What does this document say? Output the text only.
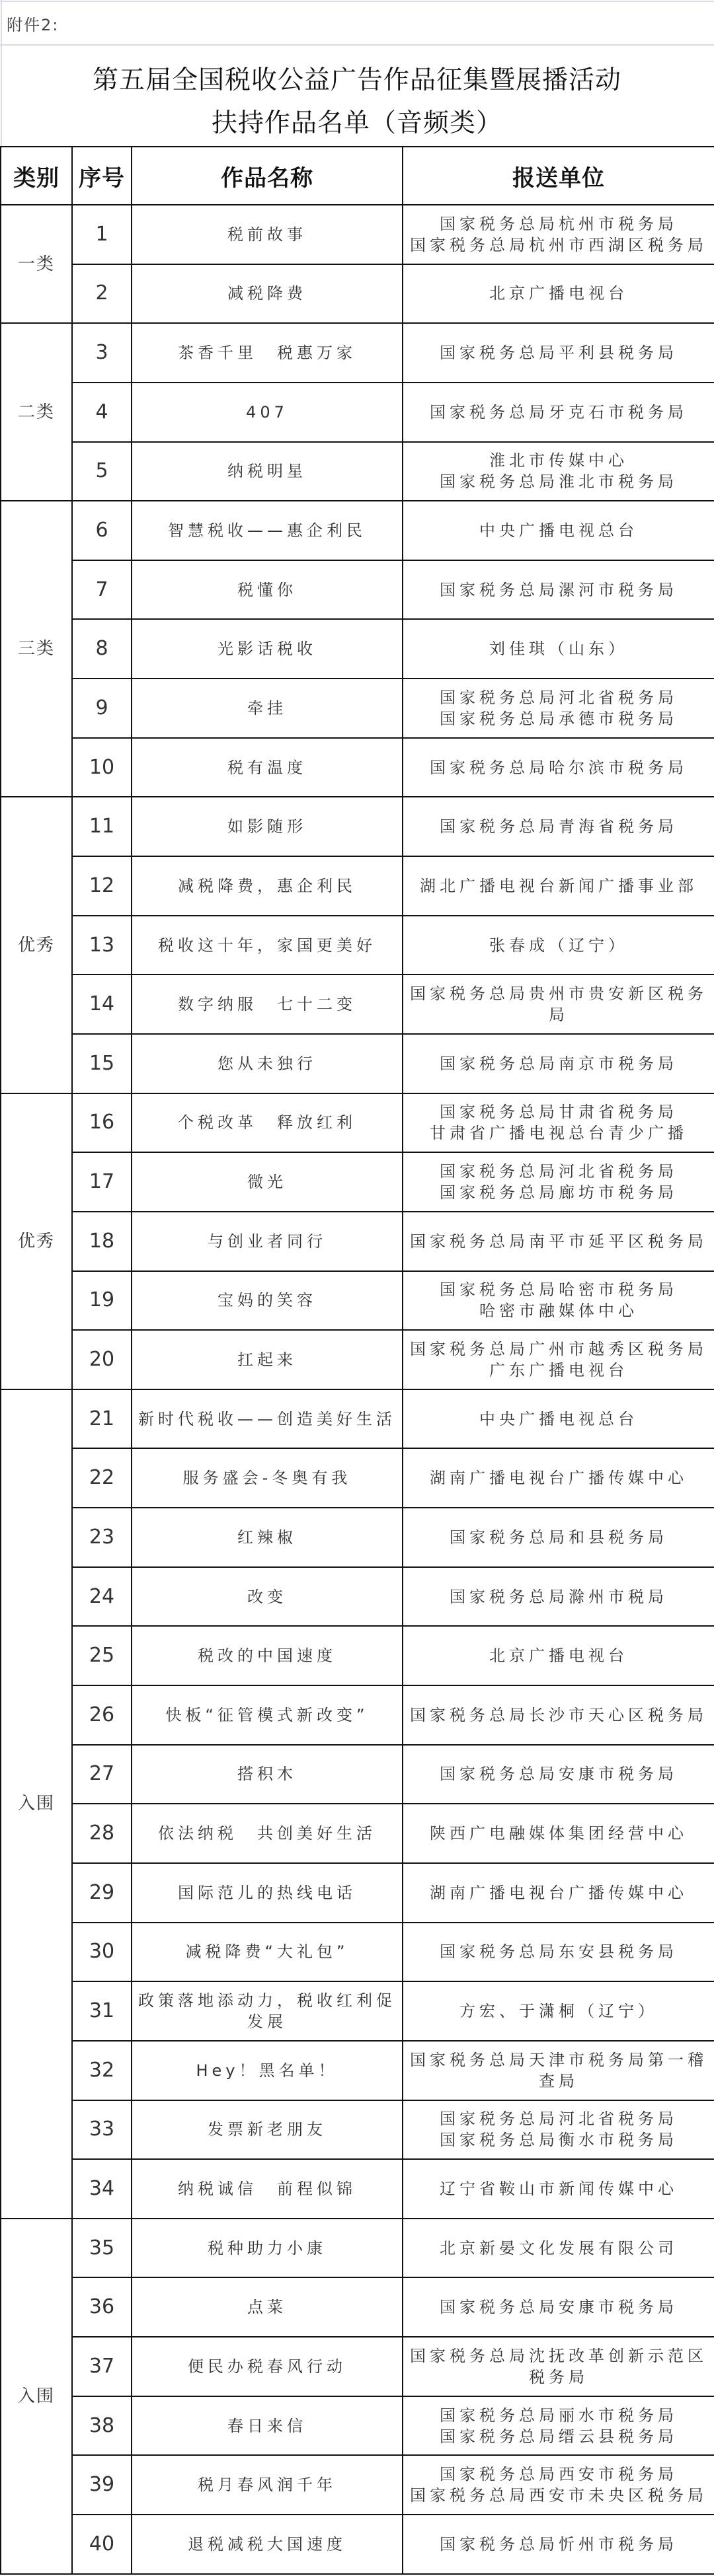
附件2:
第五届全国税收公益广告作品征集暨展播活动
扶持作品名单（音频类）
类别	序号	作品名称	报送单位
一类	1	税前故事	国家税务总局杭州市税务局
国家税务总局杭州市西湖区税务局

	2	减税降费	北京广播电视台

二类	3	茶香千里　税惠万家	国家税务总局平利县税务局

	4	407	国家税务总局牙克石市税务局

	5	纳税明星	淮北市传媒中心
国家税务总局淮北市税务局

三类	6	智慧税收——惠企利民	中央广播电视总台

	7	税懂你	国家税务总局漯河市税务局

	8	光影话税收	刘佳琪（山东）

	9	牵挂	国家税务总局河北省税务局
国家税务总局承德市税务局

	10	税有温度	国家税务总局哈尔滨市税务局

优秀	11	如影随形	国家税务总局青海省税务局

	12	减税降费，惠企利民	湖北广播电视台新闻广播事业部

	13	税收这十年，家国更美好	张春成（辽宁）

	14	数字纳服　七十二变	国家税务总局贵州市贵安新区税务局

	15	您从未独行	国家税务总局南京市税务局

优秀	16	个税改革　释放红利	国家税务总局甘肃省税务局
甘肃省广播电视总台青少广播

	17	微光	国家税务总局河北省税务局
国家税务总局廊坊市税务局

	18	与创业者同行	国家税务总局南平市延平区税务局

	19	宝妈的笑容	国家税务总局哈密市税务局
哈密市融媒体中心

	20	扛起来	国家税务总局广州市越秀区税务局
广东广播电视台

入围	21	新时代税收——创造美好生活	中央广播电视总台

	22	服务盛会-冬奥有我	湖南广播电视台广播传媒中心

	23	红辣椒	国家税务总局和县税务局

	24	改变	国家税务总局滁州市税局

	25	税改的中国速度	北京广播电视台

	26	快板“征管模式新改变”	国家税务总局长沙市天心区税务局

	27	搭积木	国家税务总局安康市税务局

	28	依法纳税　共创美好生活	陕西广电融媒体集团经营中心

	29	国际范儿的热线电话	湖南广播电视台广播传媒中心

	30	减税降费“大礼包”	国家税务总局东安县税务局

	31	政策落地添动力，税收红利促发展	方宏、于潇桐（辽宁）

	32	Hey！黑名单！	国家税务总局天津市税务局第一稽查局

	33	发票新老朋友	国家税务总局河北省税务局
国家税务总局衡水市税务局

	34	纳税诚信　前程似锦	辽宁省鞍山市新闻传媒中心

入围	35	税种助力小康	北京新晏文化发展有限公司

	36	点菜	国家税务总局安康市税务局

	37	便民办税春风行动	国家税务总局沈抚改革创新示范区税务局

	38	春日来信	国家税务总局丽水市税务局
国家税务总局缙云县税务局

	39	税月春风润千年	国家税务总局西安市税务局
国家税务总局西安市未央区税务局

	40	退税减税大国速度	国家税务总局忻州市税务局
